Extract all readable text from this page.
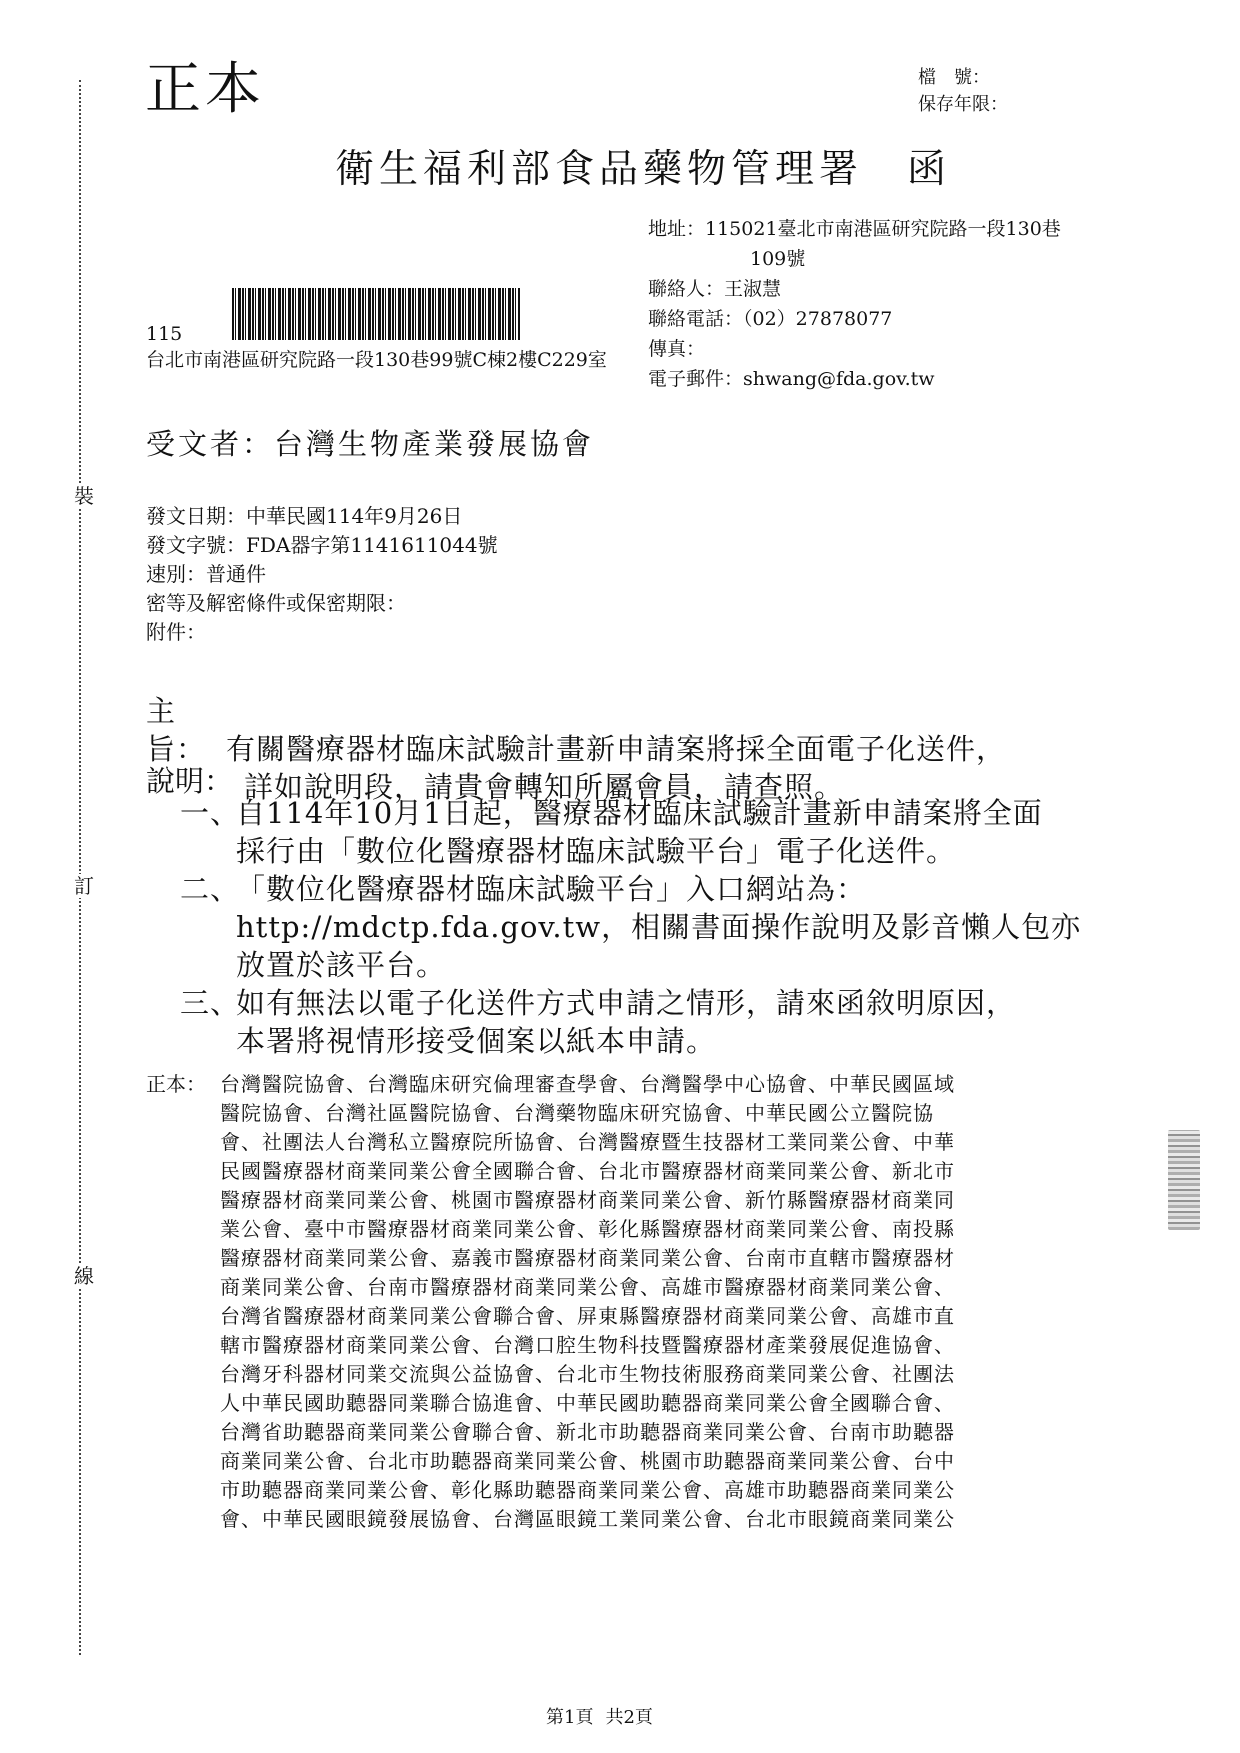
裝
訂
線
正本	檔　號：
保存年限：
衛生福利部食品藥物管理署　函
地址：115021臺北市南港區研究院路一段130巷
109號
聯絡人：王淑慧
聯絡電話：（02）27878077
傳真：
電子郵件：shwang@fda.gov.tw
115
台北市南港區研究院路一段130巷99號C棟2樓C229室
受文者：台灣生物產業發展協會
發文日期：中華民國114年9月26日
發文字號：FDA器字第1141611044號
速別：普通件
密等及解密條件或保密期限：
附件：
主旨： 有關醫療器材臨床試驗計畫新申請案將採全面電子化送件，
詳如說明段，請貴會轉知所屬會員，請查照。
說明：
一、自114年10月1日起，醫療器材臨床試驗計畫新申請案將全面
採行由「數位化醫療器材臨床試驗平台」電子化送件。
二、「數位化醫療器材臨床試驗平台」入口網站為：
http://mdctp.fda.gov.tw，相關書面操作說明及影音懶人包亦
放置於該平台。
三、如有無法以電子化送件方式申請之情形，請來函敘明原因，
本署將視情形接受個案以紙本申請。
正本： 台灣醫院協會、台灣臨床研究倫理審查學會、台灣醫學中心協會、中華民國區域
醫院協會、台灣社區醫院協會、台灣藥物臨床研究協會、中華民國公立醫院協
會、社團法人台灣私立醫療院所協會、台灣醫療暨生技器材工業同業公會、中華
民國醫療器材商業同業公會全國聯合會、台北市醫療器材商業同業公會、新北市
醫療器材商業同業公會、桃園市醫療器材商業同業公會、新竹縣醫療器材商業同
業公會、臺中市醫療器材商業同業公會、彰化縣醫療器材商業同業公會、南投縣
醫療器材商業同業公會、嘉義市醫療器材商業同業公會、台南市直轄市醫療器材
商業同業公會、台南市醫療器材商業同業公會、高雄市醫療器材商業同業公會、
台灣省醫療器材商業同業公會聯合會、屏東縣醫療器材商業同業公會、高雄市直
轄市醫療器材商業同業公會、台灣口腔生物科技暨醫療器材產業發展促進協會、
台灣牙科器材同業交流與公益協會、台北市生物技術服務商業同業公會、社團法
人中華民國助聽器同業聯合協進會、中華民國助聽器商業同業公會全國聯合會、
台灣省助聽器商業同業公會聯合會、新北市助聽器商業同業公會、台南市助聽器
商業同業公會、台北市助聽器商業同業公會、桃園市助聽器商業同業公會、台中
市助聽器商業同業公會、彰化縣助聽器商業同業公會、高雄市助聽器商業同業公
會、中華民國眼鏡發展協會、台灣區眼鏡工業同業公會、台北市眼鏡商業同業公
第1頁 共2頁
